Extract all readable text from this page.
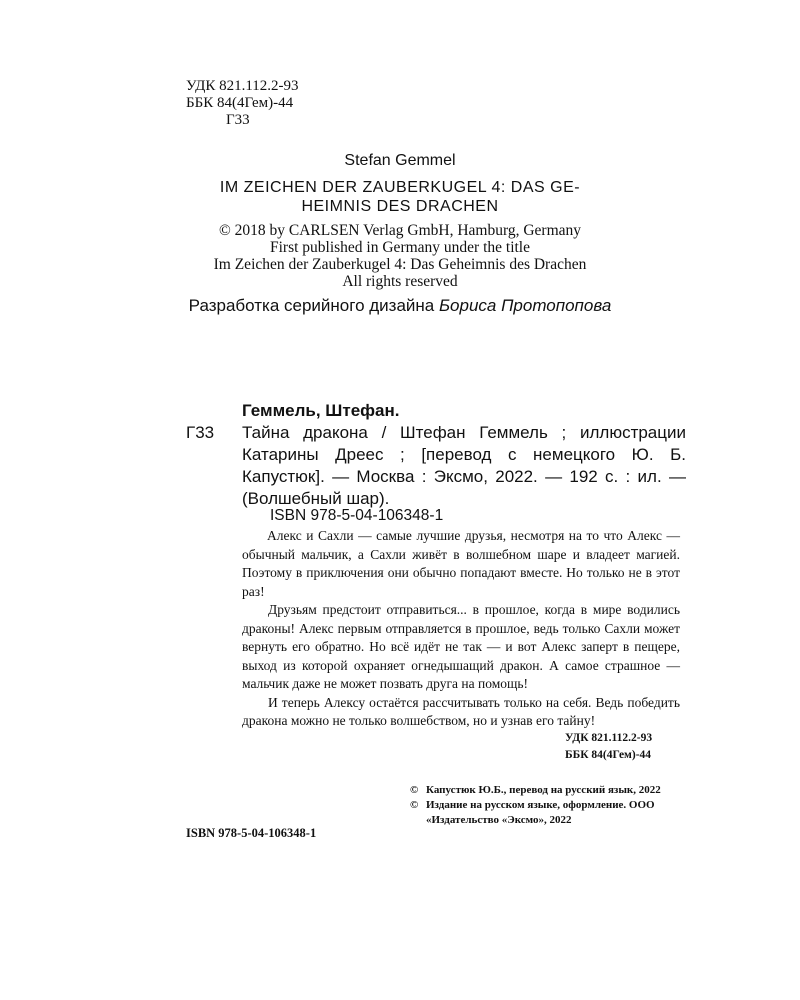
УДК 821.112.2-93
ББК 84(4Гем)-44
Г33
Stefan Gemmel
IM ZEICHEN DER ZAUBERKUGEL 4: DAS GE-
HEIMNIS DES DRACHEN
© 2018 by CARLSEN Verlag GmbH, Hamburg, Germany
First published in Germany under the title
Im Zeichen der Zauberkugel 4: Das Geheimnis des Drachen
All rights reserved
Разработка серийного дизайна Бориса Протопопова
Геммель, Штефан.
Г33 Тайна дракона / Штефан Геммель ; иллюстрации Катарины Дреес ; [перевод с немецкого Ю. Б. Капустюк]. — Москва : Эксмо, 2022. — 192 с. : ил. — (Волшебный шар).
ISBN 978-5-04-106348-1

Алекс и Сахли — самые лучшие друзья, несмотря на то что Алекс — обычный мальчик, а Сахли живёт в волшебном шаре и владеет магией. Поэтому в приключения они обычно попадают вместе. Но только не в этот раз!

Друзьям предстоит отправиться... в прошлое, когда в мире водились драконы! Алекс первым отправляется в прошлое, ведь только Сахли может вернуть его обратно. Но всё идёт не так — и вот Алекс заперт в пещере, выход из которой охраняет огнедышащий дракон. А самое страшное — мальчик даже не может позвать друга на помощь!

И теперь Алексу остаётся рассчитывать только на себя. Ведь победить дракона можно не только волшебством, но и узнав его тайну!

УДК 821.112.2-93
ББК 84(4Гем)-44
© Капустюк Ю.Б., перевод на русский язык, 2022
© Издание на русском языке, оформление. ООО «Издательство «Эксмо», 2022
ISBN 978-5-04-106348-1
